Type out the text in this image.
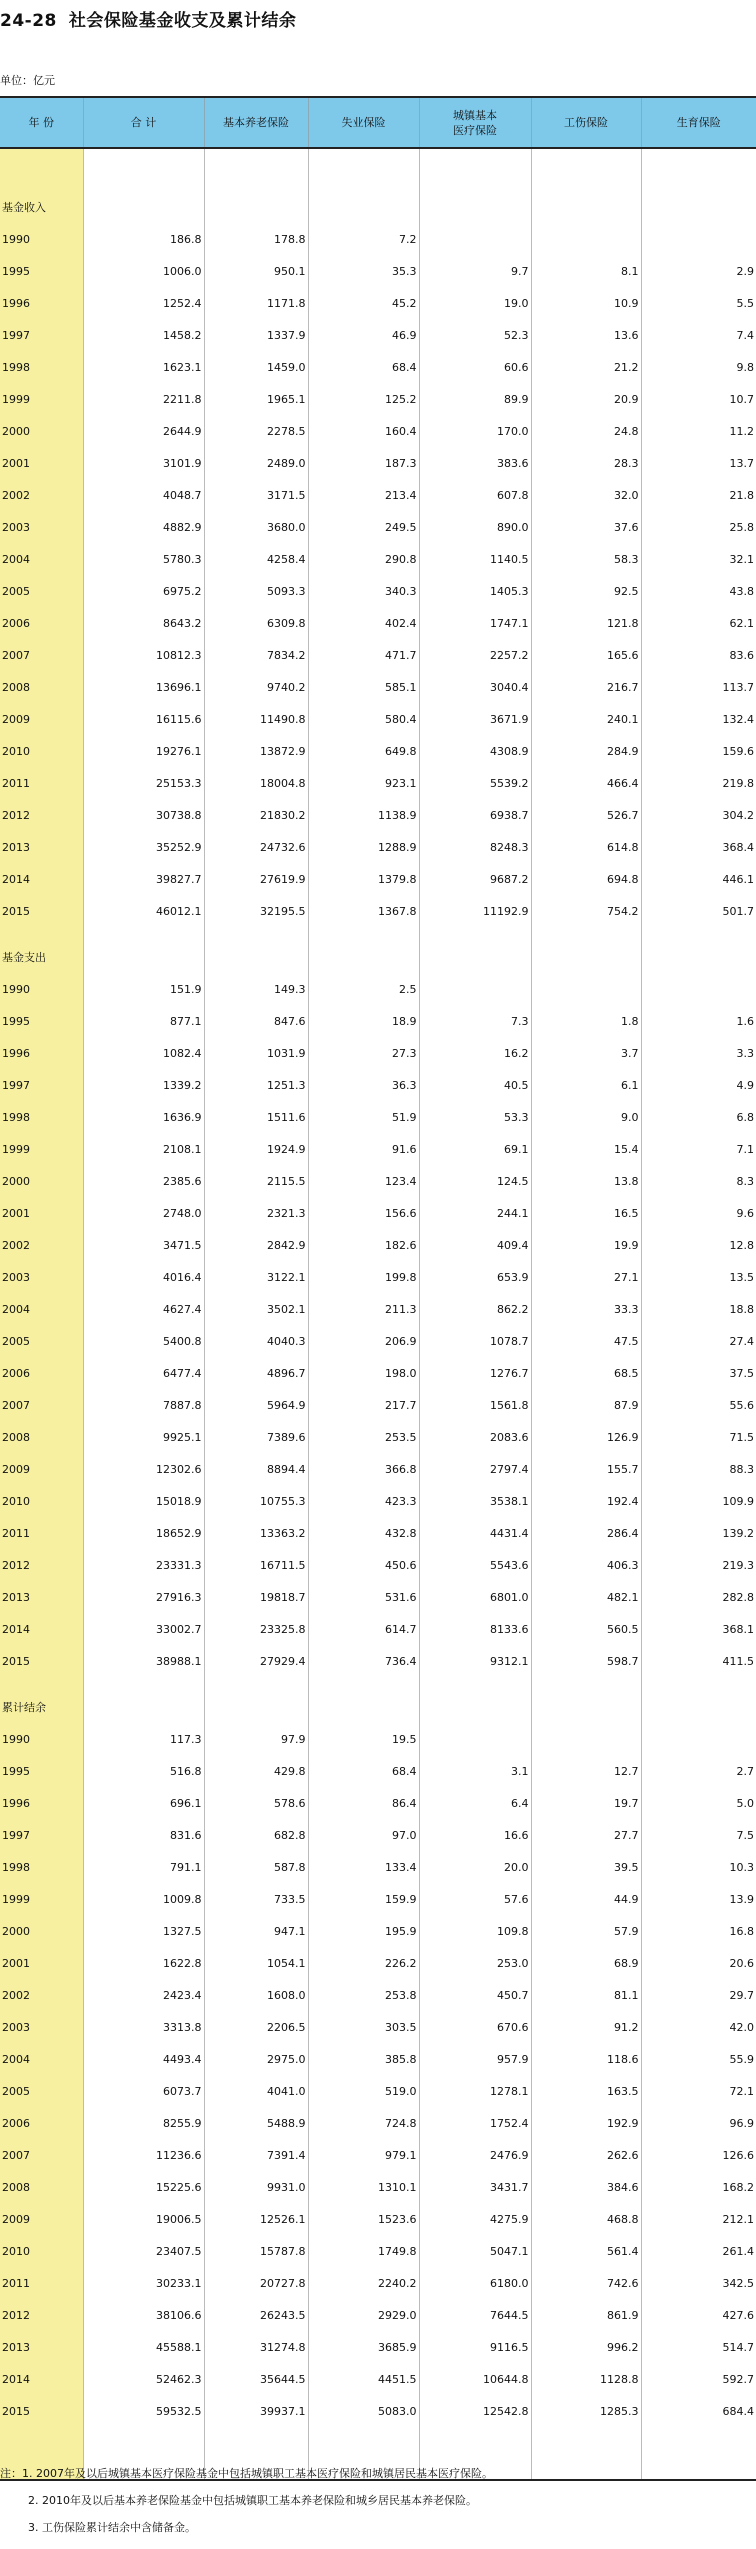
24-28 社会保险基金收支及累计结余
单位：亿元
年 份	合 计	基本养老保险	失业保险	城镇基本
医疗保险	工伤保险	生育保险

基金收入						
1990	186.8	178.8	7.2			
1995	1006.0	950.1	35.3	9.7	8.1	2.9
1996	1252.4	1171.8	45.2	19.0	10.9	5.5
1997	1458.2	1337.9	46.9	52.3	13.6	7.4
1998	1623.1	1459.0	68.4	60.6	21.2	9.8
1999	2211.8	1965.1	125.2	89.9	20.9	10.7
2000	2644.9	2278.5	160.4	170.0	24.8	11.2
2001	3101.9	2489.0	187.3	383.6	28.3	13.7
2002	4048.7	3171.5	213.4	607.8	32.0	21.8
2003	4882.9	3680.0	249.5	890.0	37.6	25.8
2004	5780.3	4258.4	290.8	1140.5	58.3	32.1
2005	6975.2	5093.3	340.3	1405.3	92.5	43.8
2006	8643.2	6309.8	402.4	1747.1	121.8	62.1
2007	10812.3	7834.2	471.7	2257.2	165.6	83.6
2008	13696.1	9740.2	585.1	3040.4	216.7	113.7
2009	16115.6	11490.8	580.4	3671.9	240.1	132.4
2010	19276.1	13872.9	649.8	4308.9	284.9	159.6
2011	25153.3	18004.8	923.1	5539.2	466.4	219.8
2012	30738.8	21830.2	1138.9	6938.7	526.7	304.2
2013	35252.9	24732.6	1288.9	8248.3	614.8	368.4
2014	39827.7	27619.9	1379.8	9687.2	694.8	446.1
2015	46012.1	32195.5	1367.8	11192.9	754.2	501.7
基金支出						
1990	151.9	149.3	2.5			
1995	877.1	847.6	18.9	7.3	1.8	1.6
1996	1082.4	1031.9	27.3	16.2	3.7	3.3
1997	1339.2	1251.3	36.3	40.5	6.1	4.9
1998	1636.9	1511.6	51.9	53.3	9.0	6.8
1999	2108.1	1924.9	91.6	69.1	15.4	7.1
2000	2385.6	2115.5	123.4	124.5	13.8	8.3
2001	2748.0	2321.3	156.6	244.1	16.5	9.6
2002	3471.5	2842.9	182.6	409.4	19.9	12.8
2003	4016.4	3122.1	199.8	653.9	27.1	13.5
2004	4627.4	3502.1	211.3	862.2	33.3	18.8
2005	5400.8	4040.3	206.9	1078.7	47.5	27.4
2006	6477.4	4896.7	198.0	1276.7	68.5	37.5
2007	7887.8	5964.9	217.7	1561.8	87.9	55.6
2008	9925.1	7389.6	253.5	2083.6	126.9	71.5
2009	12302.6	8894.4	366.8	2797.4	155.7	88.3
2010	15018.9	10755.3	423.3	3538.1	192.4	109.9
2011	18652.9	13363.2	432.8	4431.4	286.4	139.2
2012	23331.3	16711.5	450.6	5543.6	406.3	219.3
2013	27916.3	19818.7	531.6	6801.0	482.1	282.8
2014	33002.7	23325.8	614.7	8133.6	560.5	368.1
2015	38988.1	27929.4	736.4	9312.1	598.7	411.5
累计结余						
1990	117.3	97.9	19.5			
1995	516.8	429.8	68.4	3.1	12.7	2.7
1996	696.1	578.6	86.4	6.4	19.7	5.0
1997	831.6	682.8	97.0	16.6	27.7	7.5
1998	791.1	587.8	133.4	20.0	39.5	10.3
1999	1009.8	733.5	159.9	57.6	44.9	13.9
2000	1327.5	947.1	195.9	109.8	57.9	16.8
2001	1622.8	1054.1	226.2	253.0	68.9	20.6
2002	2423.4	1608.0	253.8	450.7	81.1	29.7
2003	3313.8	2206.5	303.5	670.6	91.2	42.0
2004	4493.4	2975.0	385.8	957.9	118.6	55.9
2005	6073.7	4041.0	519.0	1278.1	163.5	72.1
2006	8255.9	5488.9	724.8	1752.4	192.9	96.9
2007	11236.6	7391.4	979.1	2476.9	262.6	126.6
2008	15225.6	9931.0	1310.1	3431.7	384.6	168.2
2009	19006.5	12526.1	1523.6	4275.9	468.8	212.1
2010	23407.5	15787.8	1749.8	5047.1	561.4	261.4
2011	30233.1	20727.8	2240.2	6180.0	742.6	342.5
2012	38106.6	26243.5	2929.0	7644.5	861.9	427.6
2013	45588.1	31274.8	3685.9	9116.5	996.2	514.7
2014	52462.3	35644.5	4451.5	10644.8	1128.8	592.7
2015	59532.5	39937.1	5083.0	12542.8	1285.3	684.4

注：1. 2007年及以后城镇基本医疗保险基金中包括城镇职工基本医疗保险和城镇居民基本医疗保险。
2. 2010年及以后基本养老保险基金中包括城镇职工基本养老保险和城乡居民基本养老保险。
3. 工伤保险累计结余中含储备金。
